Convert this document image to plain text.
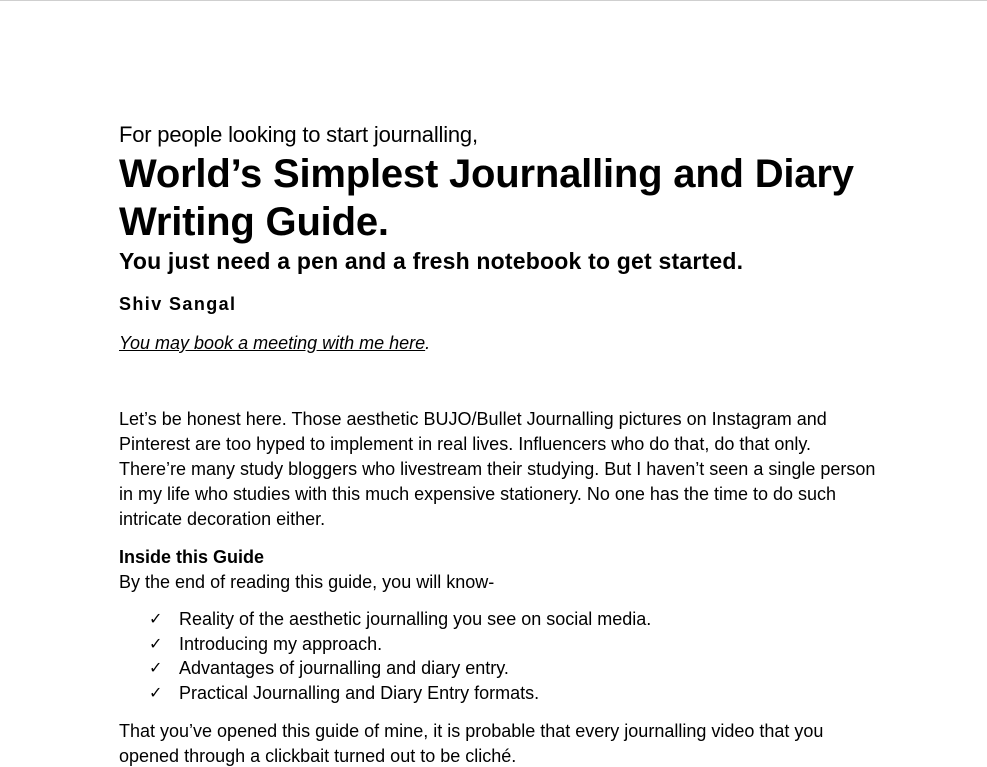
For people looking to start journalling,

World’s Simplest Journalling and Diary Writing Guide.
You just need a pen and a fresh notebook to get started.

Shiv Sangal

You may book a meeting with me here.

Let’s be honest here. Those aesthetic BUJO/Bullet Journalling pictures on Instagram and Pinterest are too hyped to implement in real lives. Influencers who do that, do that only. There’re many study bloggers who livestream their studying. But I haven’t seen a single person in my life who studies with this much expensive stationery. No one has the time to do such intricate decoration either.

Inside this Guide

By the end of reading this guide, you will know-

✓ Reality of the aesthetic journalling you see on social media.
✓ Introducing my approach.
✓ Advantages of journalling and diary entry.
✓ Practical Journalling and Diary Entry formats.

That you’ve opened this guide of mine, it is probable that every journalling video that you opened through a clickbait turned out to be cliché.
